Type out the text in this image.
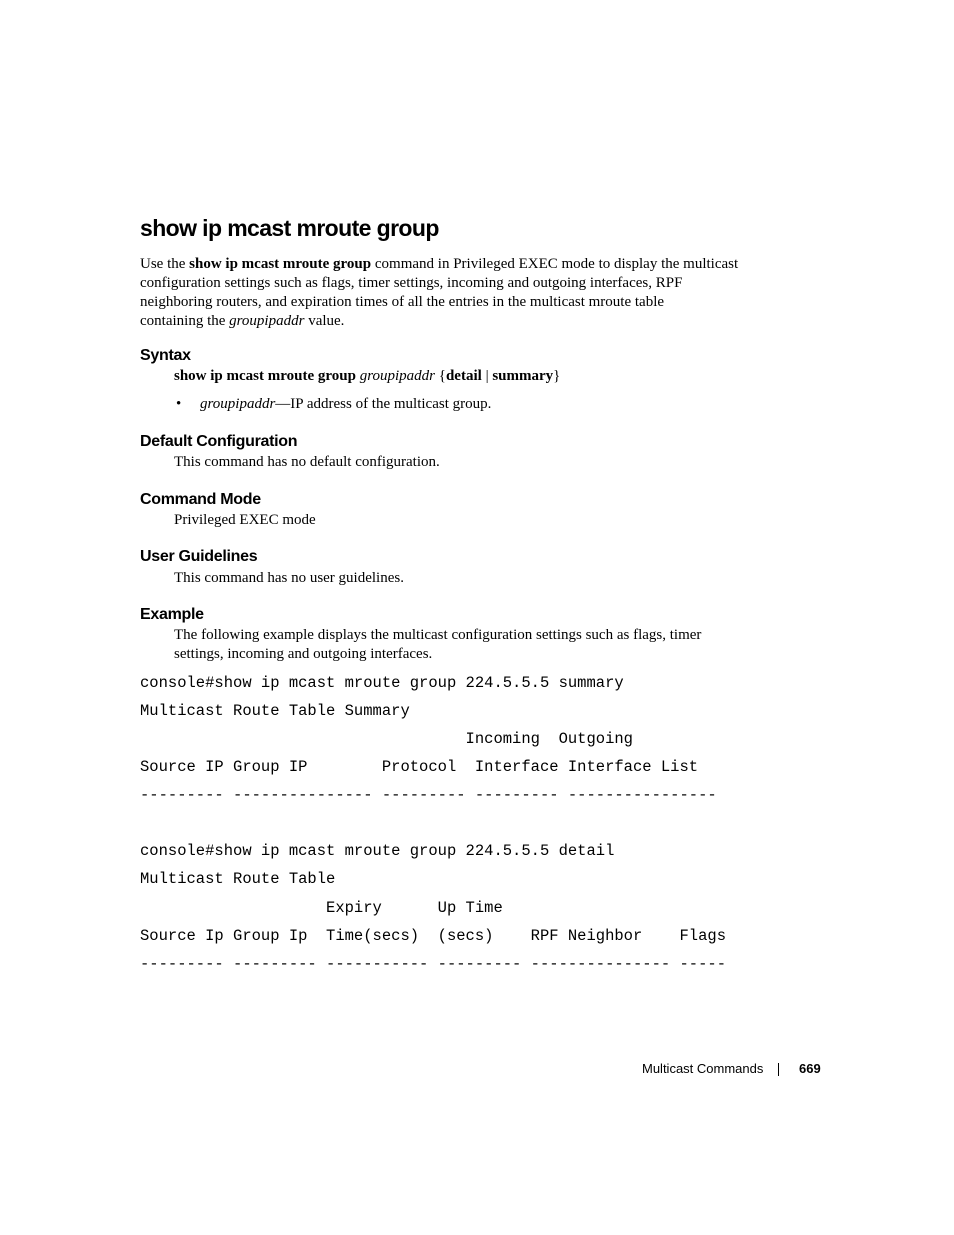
show ip mcast mroute group
Use the show ip mcast mroute group command in Privileged EXEC mode to display the multicast
configuration settings such as flags, timer settings, incoming and outgoing interfaces, RPF
neighboring routers, and expiration times of all the entries in the multicast mroute table
containing the groupipaddr value.
Syntax
show ip mcast mroute group groupipaddr {detail | summary}
• groupipaddr—IP address of the multicast group.
Default Configuration
This command has no default configuration.
Command Mode
Privileged EXEC mode
User Guidelines
This command has no user guidelines.
Example
The following example displays the multicast configuration settings such as flags, timer
settings, incoming and outgoing interfaces.
console#show ip mcast mroute group 224.5.5.5 summary
Multicast Route Table Summary
Incoming  Outgoing
Source IP Group IP        Protocol  Interface Interface List
--------- --------------- --------- --------- ----------------
console#show ip mcast mroute group 224.5.5.5 detail
Multicast Route Table
Expiry      Up Time
Source Ip Group Ip  Time(secs)  (secs)    RPF Neighbor    Flags
--------- --------- ----------- --------- --------------- -----
Multicast Commands	669
